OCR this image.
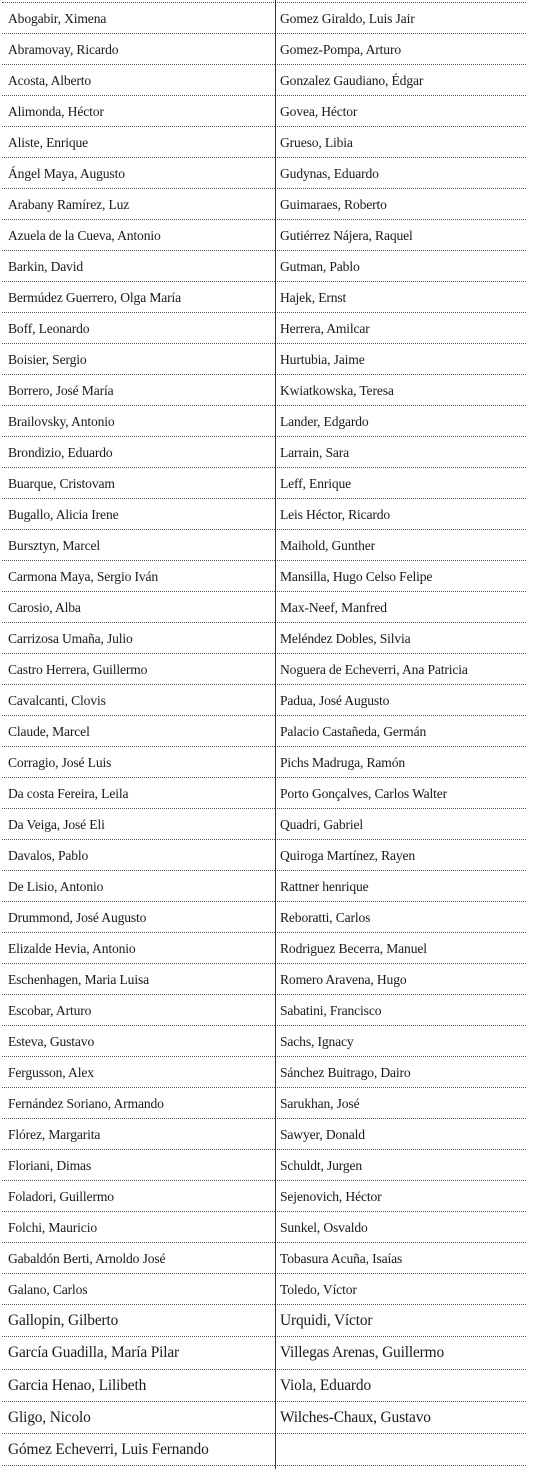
Abogabir, Ximena	Gomez Giraldo, Luis Jair
Abramovay, Ricardo	Gomez-Pompa, Arturo
Acosta, Alberto	Gonzalez Gaudiano, Édgar
Alimonda, Héctor	Govea, Héctor
Aliste, Enrique	Grueso, Libia
Ángel Maya, Augusto	Gudynas, Eduardo
Arabany Ramírez, Luz	Guimaraes, Roberto
Azuela de la Cueva, Antonio	Gutiérrez Nájera, Raquel
Barkin, David	Gutman, Pablo
Bermúdez Guerrero, Olga María	Hajek, Ernst
Boff, Leonardo	Herrera, Amilcar
Boisier, Sergio	Hurtubia, Jaime
Borrero, José María	Kwiatkowska, Teresa
Brailovsky, Antonio	Lander, Edgardo
Brondizio, Eduardo	Larrain, Sara
Buarque, Cristovam	Leff, Enrique
Bugallo, Alicia Irene	Leis Héctor, Ricardo
Bursztyn, Marcel	Maihold, Gunther
Carmona Maya, Sergio Iván	Mansilla, Hugo Celso Felipe
Carosio, Alba	Max-Neef, Manfred
Carrizosa Umaña, Julio	Meléndez Dobles, Silvia
Castro Herrera, Guillermo	Noguera de Echeverri, Ana Patricia
Cavalcanti, Clovis	Padua, José Augusto
Claude, Marcel	Palacio Castañeda, Germán
Corragio, José Luis	Pichs Madruga, Ramón
Da costa Fereira, Leila	Porto Gonçalves, Carlos Walter
Da Veiga, José Eli	Quadri, Gabriel
Davalos, Pablo	Quiroga Martínez, Rayen
De Lisio, Antonio	Rattner henrique
Drummond, José Augusto	Reboratti, Carlos
Elizalde Hevia, Antonio	Rodriguez Becerra, Manuel
Eschenhagen, Maria Luisa	Romero Aravena, Hugo
Escobar, Arturo	Sabatini, Francisco
Esteva, Gustavo	Sachs, Ignacy
Fergusson, Alex	Sánchez Buitrago, Dairo
Fernández Soriano, Armando	Sarukhan, José
Flórez, Margarita	Sawyer, Donald
Floriani, Dimas	Schuldt, Jurgen
Foladori, Guillermo	Sejenovich, Héctor
Folchi, Mauricio	Sunkel, Osvaldo
Gabaldón Berti, Arnoldo José	Tobasura Acuña, Isaías
Galano, Carlos	Toledo, Víctor
Gallopin, Gilberto	Urquidi, Víctor
García Guadilla, María Pilar	Villegas Arenas, Guillermo
Garcia Henao, Lilibeth	Viola, Eduardo
Gligo, Nicolo	Wilches-Chaux, Gustavo
Gómez Echeverri, Luis Fernando	
